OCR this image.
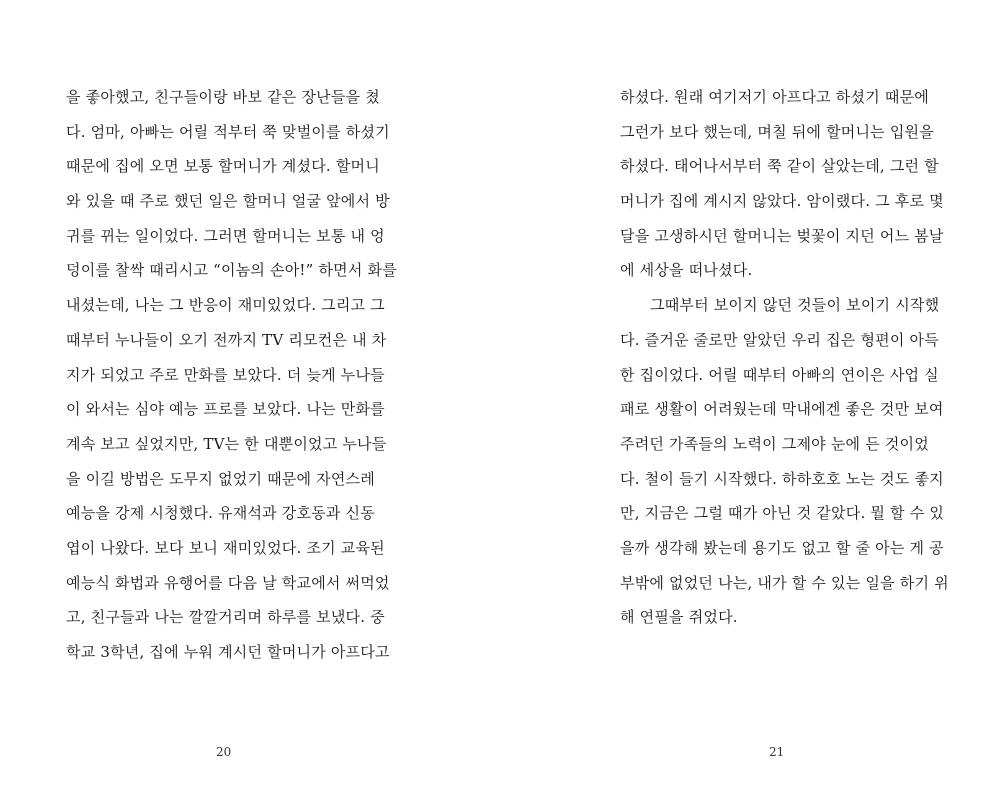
을 좋아했고, 친구들이랑 바보 같은 장난들을 쳤
다. 엄마, 아빠는 어릴 적부터 쭉 맞벌이를 하셨기
때문에 집에 오면 보통 할머니가 계셨다. 할머니
와 있을 때 주로 했던 일은 할머니 얼굴 앞에서 방
귀를 뀌는 일이었다. 그러면 할머니는 보통 내 엉
덩이를 찰싹 때리시고 “이놈의 손아!” 하면서 화를
내셨는데, 나는 그 반응이 재미있었다. 그리고 그
때부터 누나들이 오기 전까지 TV 리모컨은 내 차
지가 되었고 주로 만화를 보았다. 더 늦게 누나들
이 와서는 심야 예능 프로를 보았다. 나는 만화를
계속 보고 싶었지만, TV는 한 대뿐이었고 누나들
을 이길 방법은 도무지 없었기 때문에 자연스레
예능을 강제 시청했다. 유재석과 강호동과 신동
엽이 나왔다. 보다 보니 재미있었다. 조기 교육된
예능식 화법과 유행어를 다음 날 학교에서 써먹었
고, 친구들과 나는 깔깔거리며 하루를 보냈다. 중
학교 3학년, 집에 누워 계시던 할머니가 아프다고
20
하셨다. 원래 여기저기 아프다고 하셨기 때문에
그런가 보다 했는데, 며칠 뒤에 할머니는 입원을
하셨다. 태어나서부터 쭉 같이 살았는데, 그런 할
머니가 집에 계시지 않았다. 암이랬다. 그 후로 몇
달을 고생하시던 할머니는 벚꽃이 지던 어느 봄날
에 세상을 떠나셨다.
그때부터 보이지 않던 것들이 보이기 시작했
다. 즐거운 줄로만 알았던 우리 집은 형편이 아득
한 집이었다. 어릴 때부터 아빠의 연이은 사업 실
패로 생활이 어려웠는데 막내에겐 좋은 것만 보여
주려던 가족들의 노력이 그제야 눈에 든 것이었
다. 철이 들기 시작했다. 하하호호 노는 것도 좋지
만, 지금은 그럴 때가 아닌 것 같았다. 뭘 할 수 있
을까 생각해 봤는데 용기도 없고 할 줄 아는 게 공
부밖에 없었던 나는, 내가 할 수 있는 일을 하기 위
해 연필을 쥐었다.
21
